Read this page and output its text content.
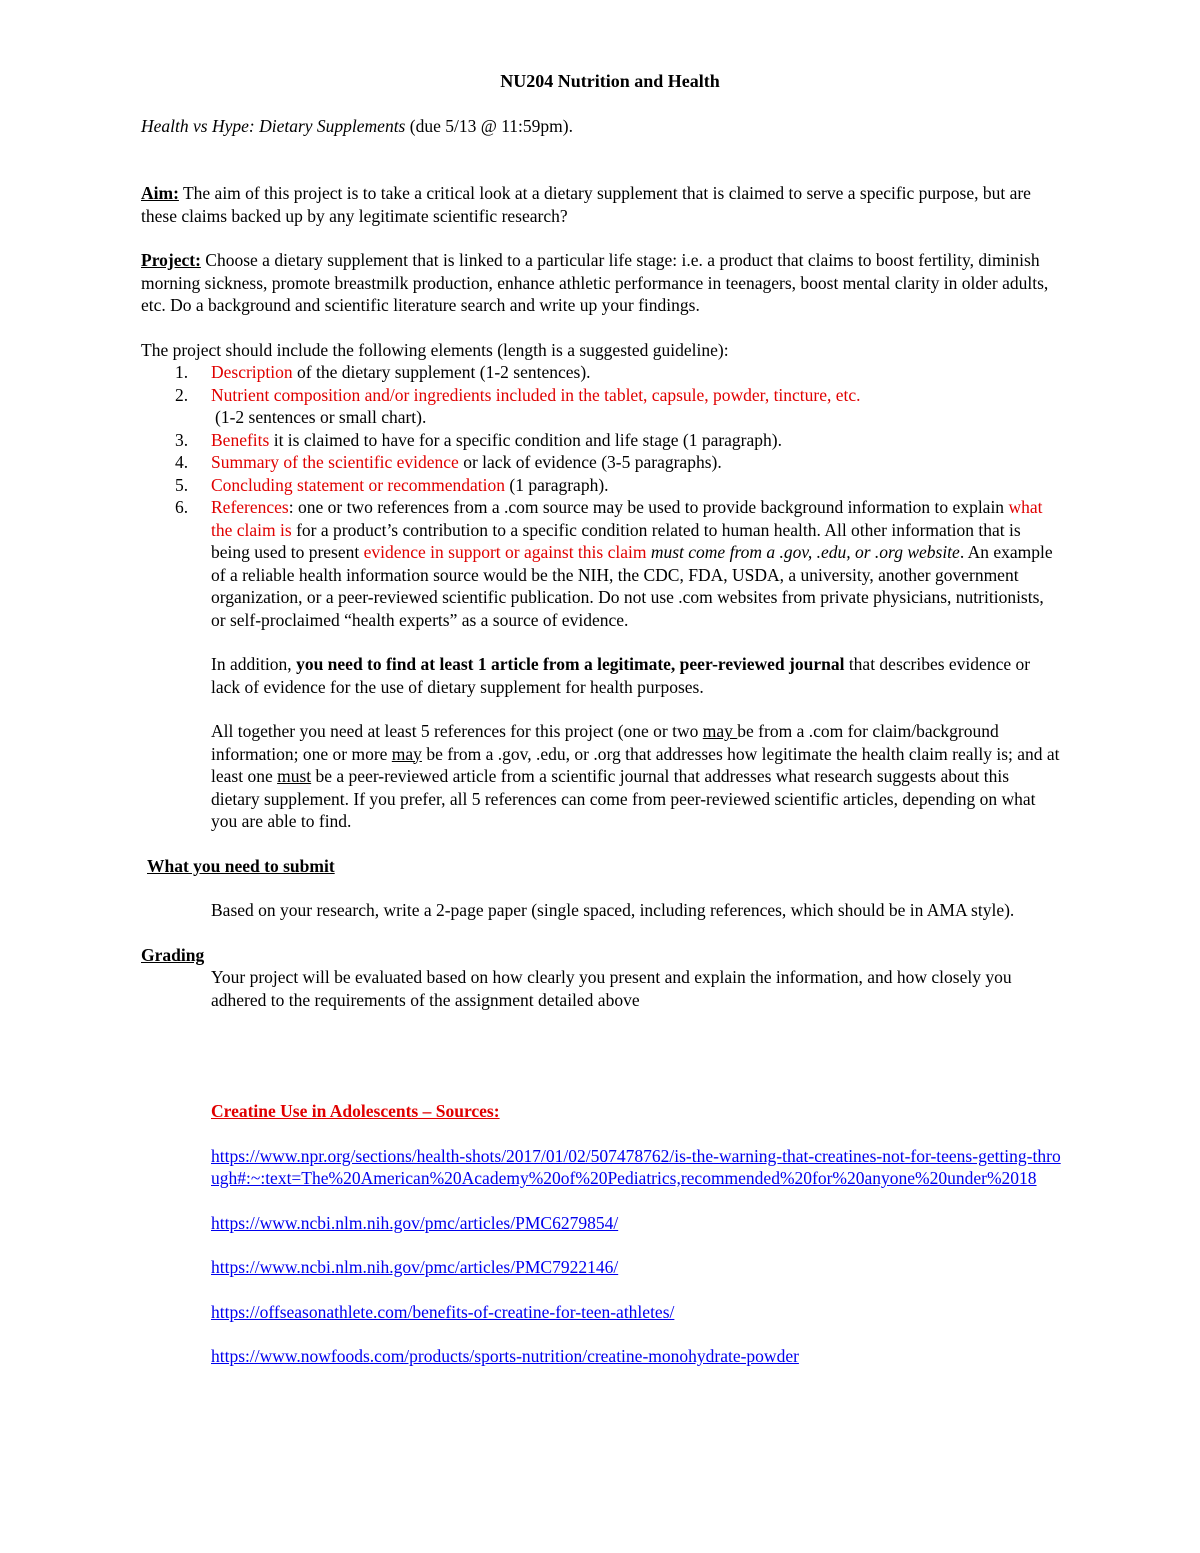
NU204 Nutrition and Health

Health vs Hype: Dietary Supplements (due 5/13 @ 11:59pm).

Aim: The aim of this project is to take a critical look at a dietary supplement that is claimed to serve a specific purpose, but are these claims backed up by any legitimate scientific research?

Project: Choose a dietary supplement that is linked to a particular life stage: i.e. a product that claims to boost fertility, diminish morning sickness, promote breastmilk production, enhance athletic performance in teenagers, boost mental clarity in older adults, etc. Do a background and scientific literature search and write up your findings.

The project should include the following elements (length is a suggested guideline):

1.	Description of the dietary supplement (1-2 sentences).
2.	Nutrient composition and/or ingredients included in the tablet, capsule, powder, tincture, etc.
(1-2 sentences or small chart).
3.	Benefits it is claimed to have for a specific condition and life stage (1 paragraph).
4.	Summary of the scientific evidence or lack of evidence (3-5 paragraphs).
5.	Concluding statement or recommendation (1 paragraph).
6.	References: one or two references from a .com source may be used to provide background information to explain what the claim is for a product’s contribution to a specific condition related to human health. All other information that is being used to present evidence in support or against this claim must come from a .gov, .edu, or .org website. An example of a reliable health information source would be the NIH, the CDC, FDA, USDA, a university, another government organization, or a peer-reviewed scientific publication. Do not use .com websites from private physicians, nutritionists, or self-proclaimed “health experts” as a source of evidence.

In addition, you need to find at least 1 article from a legitimate, peer-reviewed journal that describes evidence or lack of evidence for the use of dietary supplement for health purposes.

All together you need at least 5 references for this project (one or two may be from a .com for claim/background information; one or more may be from a .gov, .edu, or .org that addresses how legitimate the health claim really is; and at least one must be a peer-reviewed article from a scientific journal that addresses what research suggests about this dietary supplement. If you prefer, all 5 references can come from peer-reviewed scientific articles, depending on what you are able to find.

What you need to submit

Based on your research, write a 2-page paper (single spaced, including references, which should be in AMA style).

Grading

Your project will be evaluated based on how clearly you present and explain the information, and how closely you adhered to the requirements of the assignment detailed above

Creatine Use in Adolescents – Sources:

https://www.npr.org/sections/health-shots/2017/01/02/507478762/is-the-warning-that-creatines-not-for-teens-getting-through#:~:text=The%20American%20Academy%20of%20Pediatrics,recommended%20for%20anyone%20under%2018

https://www.ncbi.nlm.nih.gov/pmc/articles/PMC6279854/

https://www.ncbi.nlm.nih.gov/pmc/articles/PMC7922146/

https://offseasonathlete.com/benefits-of-creatine-for-teen-athletes/

https://www.nowfoods.com/products/sports-nutrition/creatine-monohydrate-powder
